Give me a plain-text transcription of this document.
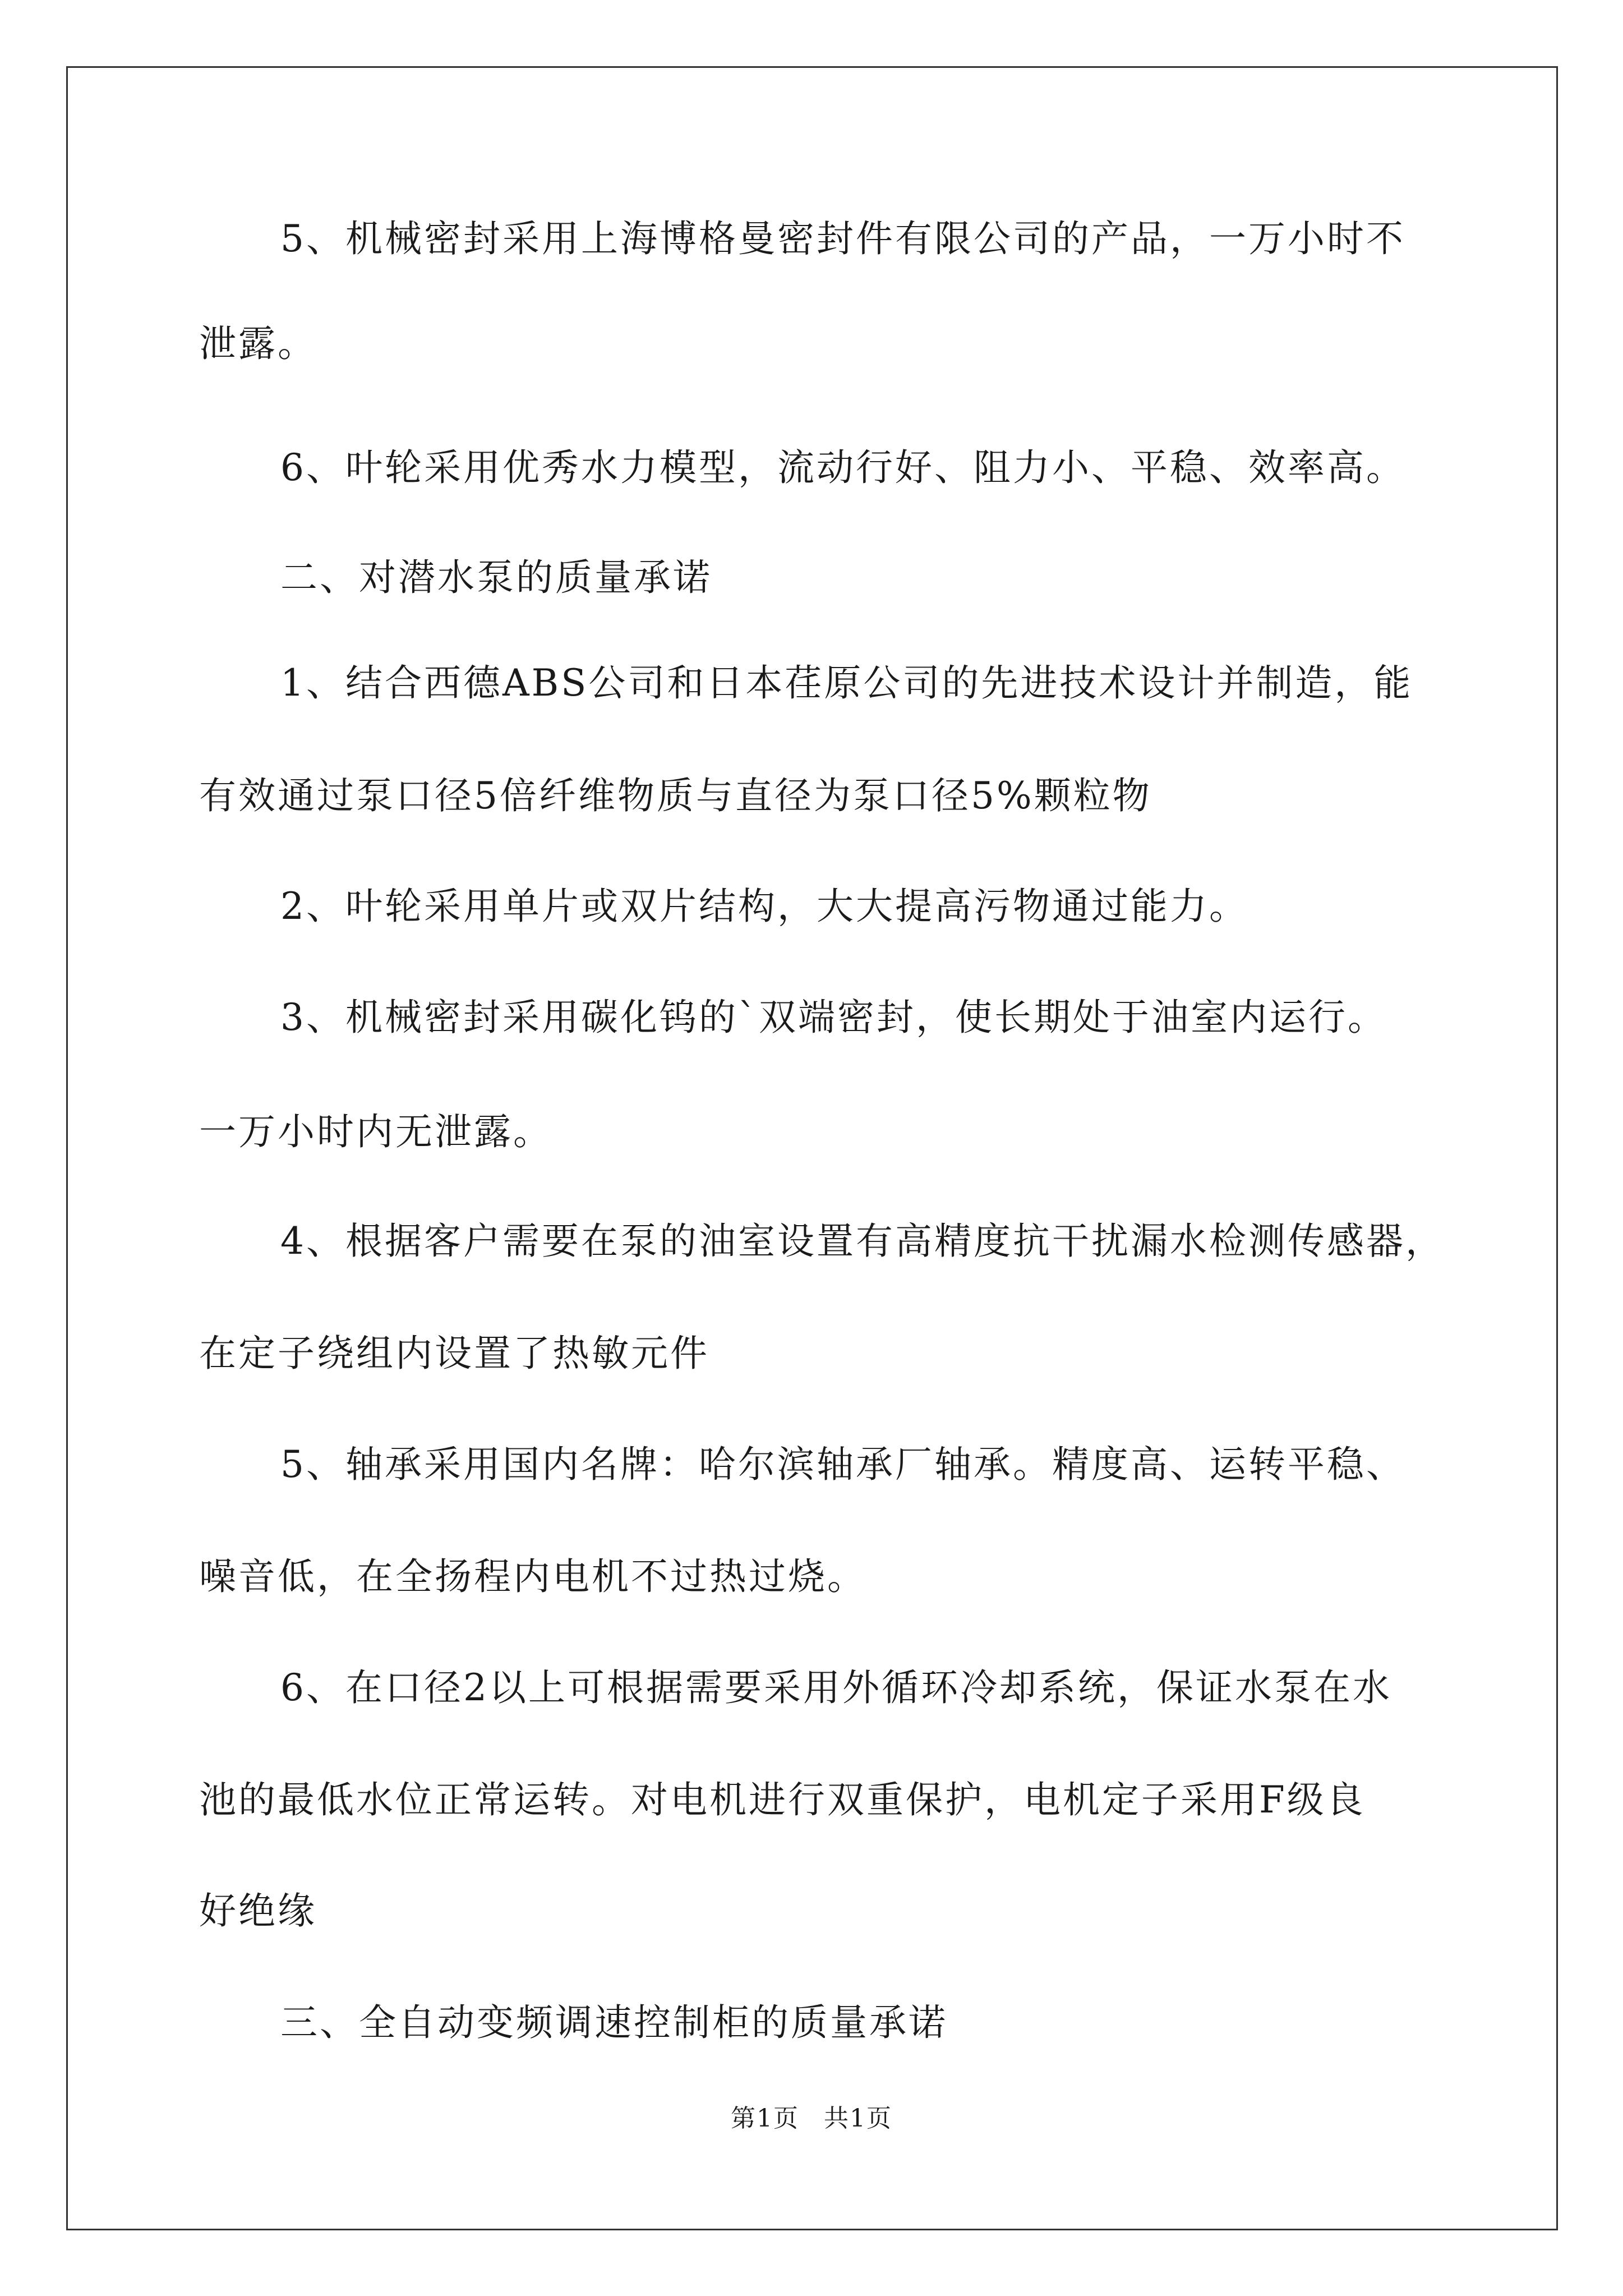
5、机械密封采用上海博格曼密封件有限公司的产品，一万小时不

泄露。

6、叶轮采用优秀水力模型，流动行好、阻力小、平稳、效率高。

二、对潜水泵的质量承诺

1、结合西德ABS公司和日本荏原公司的先进技术设计并制造，能

有效通过泵口径5倍纤维物质与直径为泵口径5%颗粒物

2、叶轮采用单片或双片结构，大大提高污物通过能力。

3、机械密封采用碳化钨的`双端密封，使长期处于油室内运行。

一万小时内无泄露。

4、根据客户需要在泵的油室设置有高精度抗干扰漏水检测传感器，

在定子绕组内设置了热敏元件

5、轴承采用国内名牌：哈尔滨轴承厂轴承。精度高、运转平稳、

噪音低，在全扬程内电机不过热过烧。

6、在口径2以上可根据需要采用外循环冷却系统，保证水泵在水

池的最低水位正常运转。对电机进行双重保护，电机定子采用F级良

好绝缘

三、全自动变频调速控制柜的质量承诺

第1页 共1页
